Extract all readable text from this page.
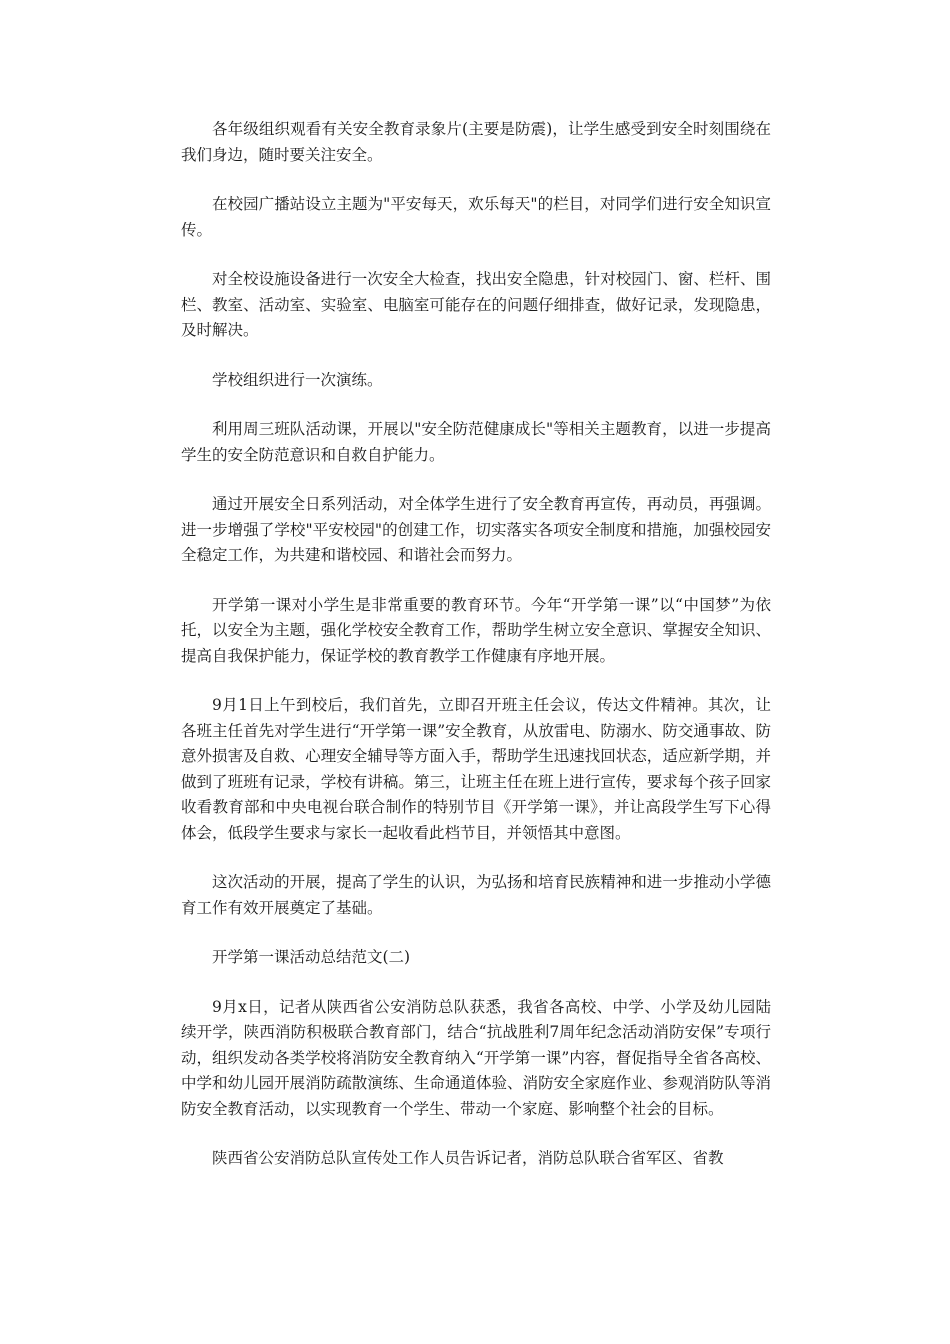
各年级组织观看有关安全教育录象片(主要是防震)，让学生感受到安全时刻围绕在我们身边，随时要关注安全。

在校园广播站设立主题为"平安每天，欢乐每天"的栏目，对同学们进行安全知识宣传。

对全校设施设备进行一次安全大检查，找出安全隐患，针对校园门、窗、栏杆、围栏、教室、活动室、实验室、电脑室可能存在的问题仔细排查，做好记录，发现隐患，及时解决。

学校组织进行一次演练。

利用周三班队活动课，开展以"安全防范健康成长"等相关主题教育，以进一步提高学生的安全防范意识和自救自护能力。

通过开展安全日系列活动，对全体学生进行了安全教育再宣传，再动员，再强调。进一步增强了学校"平安校园"的创建工作，切实落实各项安全制度和措施，加强校园安全稳定工作，为共建和谐校园、和谐社会而努力。

开学第一课对小学生是非常重要的教育环节。今年“开学第一课”以“中国梦”为依托，以安全为主题，强化学校安全教育工作，帮助学生树立安全意识、掌握安全知识、提高自我保护能力，保证学校的教育教学工作健康有序地开展。

9月1日上午到校后，我们首先，立即召开班主任会议，传达文件精神。其次，让各班主任首先对学生进行“开学第一课”安全教育，从放雷电、防溺水、防交通事故、防意外损害及自救、心理安全辅导等方面入手，帮助学生迅速找回状态，适应新学期，并做到了班班有记录，学校有讲稿。第三，让班主任在班上进行宣传，要求每个孩子回家收看教育部和中央电视台联合制作的特别节目《开学第一课》，并让高段学生写下心得体会，低段学生要求与家长一起收看此档节目，并领悟其中意图。

这次活动的开展，提高了学生的认识，为弘扬和培育民族精神和进一步推动小学德育工作有效开展奠定了基础。

开学第一课活动总结范文(二)

9月x日，记者从陕西省公安消防总队获悉，我省各高校、中学、小学及幼儿园陆续开学，陕西消防积极联合教育部门，结合“抗战胜利7周年纪念活动消防安保”专项行动，组织发动各类学校将消防安全教育纳入“开学第一课”内容，督促指导全省各高校、中学和幼儿园开展消防疏散演练、生命通道体验、消防安全家庭作业、参观消防队等消防安全教育活动，以实现教育一个学生、带动一个家庭、影响整个社会的目标。

陕西省公安消防总队宣传处工作人员告诉记者，消防总队联合省军区、省教
